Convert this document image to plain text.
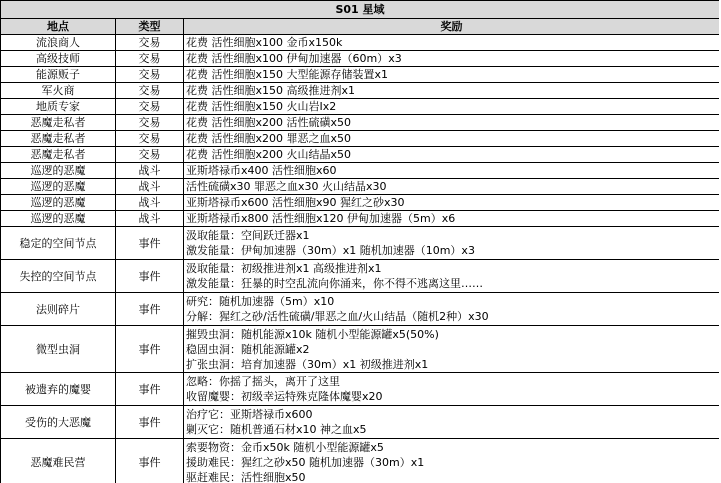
S01 星域		
地点	类型	奖励
流浪商人	交易	花费 活性细胞x100 金币x150k

高级技师	交易	花费 活性细胞x100 伊甸加速器（60m）x3

能源贩子	交易	花费 活性细胞x150 大型能源存储装置x1

军火商	交易	花费 活性细胞x150 高级推进剂x1

地质专家	交易	花费 活性细胞x150 火山岩Ⅰx2

恶魔走私者	交易	花费 活性细胞x200 活性硫磺x50

恶魔走私者	交易	花费 活性细胞x200 罪恶之血x50

恶魔走私者	交易	花费 活性细胞x200 火山结晶x50

巡逻的恶魔	战斗	亚斯塔禄币x400 活性细胞x60

巡逻的恶魔	战斗	活性硫磺x30 罪恶之血x30 火山结晶x30

巡逻的恶魔	战斗	亚斯塔禄币x600 活性细胞x90 猩红之砂x30

巡逻的恶魔	战斗	亚斯塔禄币x800 活性细胞x120 伊甸加速器（5m）x6

稳定的空间节点	事件	汲取能量：空间跃迁器x1
激发能量：伊甸加速器（30m）x1 随机加速器（10m）x3

失控的空间节点	事件	汲取能量：初级推进剂x1 高级推进剂x1
激发能量：狂暴的时空乱流向你涌来，你不得不逃离这里……

法则碎片	事件	研究：随机加速器（5m）x10
分解：猩红之砂/活性硫磺/罪恶之血/火山结晶（随机2种）x30

微型虫洞	事件	摧毁虫洞：随机能源x10k 随机小型能源罐x5(50%)
稳固虫洞：随机能源罐x2
扩张虫洞：培育加速器（30m）x1 初级推进剂x1

被遗弃的魔婴	事件	忽略：你摇了摇头，离开了这里
收留魔婴：初级幸运特殊克隆体魔婴x20

受伤的大恶魔	事件	治疗它：亚斯塔禄币x600
剿灭它：随机普通石材x10 神之血x5

恶魔难民营	事件	索要物资：金币x50k 随机小型能源罐x5
援助难民：猩红之砂x50 随机加速器（30m）x1
驱赶难民：活性细胞x50
